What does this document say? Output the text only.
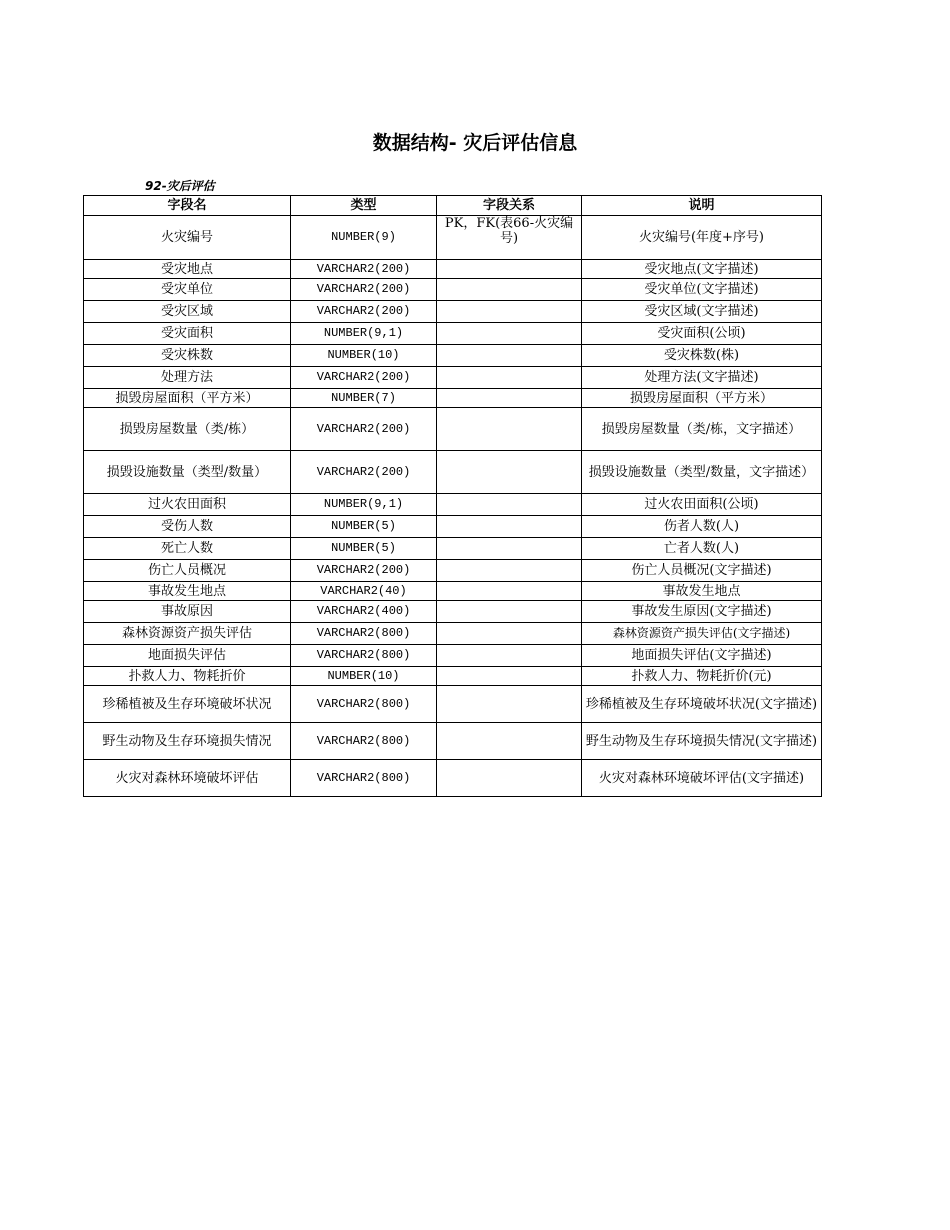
数据结构- 灾后评估信息
92-灾后评估
字段名	类型	字段关系	说明
火灾编号	NUMBER(9)	PK，FK(表66-火灾编号)	火灾编号(年度+序号)
受灾地点	VARCHAR2(200)		受灾地点(文字描述)
受灾单位	VARCHAR2(200)		受灾单位(文字描述)
受灾区域	VARCHAR2(200)		受灾区域(文字描述)
受灾面积	NUMBER(9,1)		受灾面积(公顷)
受灾株数	NUMBER(10)		受灾株数(株)
处理方法	VARCHAR2(200)		处理方法(文字描述)
损毁房屋面积（平方米）	NUMBER(7)		损毁房屋面积（平方米）
损毁房屋数量（类/栋）	VARCHAR2(200)		损毁房屋数量（类/栋，文字描述）
损毁设施数量（类型/数量）	VARCHAR2(200)		损毁设施数量（类型/数量，文字描述）
过火农田面积	NUMBER(9,1)		过火农田面积(公顷)
受伤人数	NUMBER(5)		伤者人数(人)
死亡人数	NUMBER(5)		亡者人数(人)
伤亡人员概况	VARCHAR2(200)		伤亡人员概况(文字描述)
事故发生地点	VARCHAR2(40)		事故发生地点
事故原因	VARCHAR2(400)		事故发生原因(文字描述)
森林资源资产损失评估	VARCHAR2(800)		森林资源资产损失评估(文字描述)
地面损失评估	VARCHAR2(800)		地面损失评估(文字描述)
扑救人力、物耗折价	NUMBER(10)		扑救人力、物耗折价(元)
珍稀植被及生存环境破坏状况	VARCHAR2(800)		珍稀植被及生存环境破坏状况(文字描述)
野生动物及生存环境损失情况	VARCHAR2(800)		野生动物及生存环境损失情况(文字描述)
火灾对森林环境破坏评估	VARCHAR2(800)		火灾对森林环境破坏评估(文字描述)
